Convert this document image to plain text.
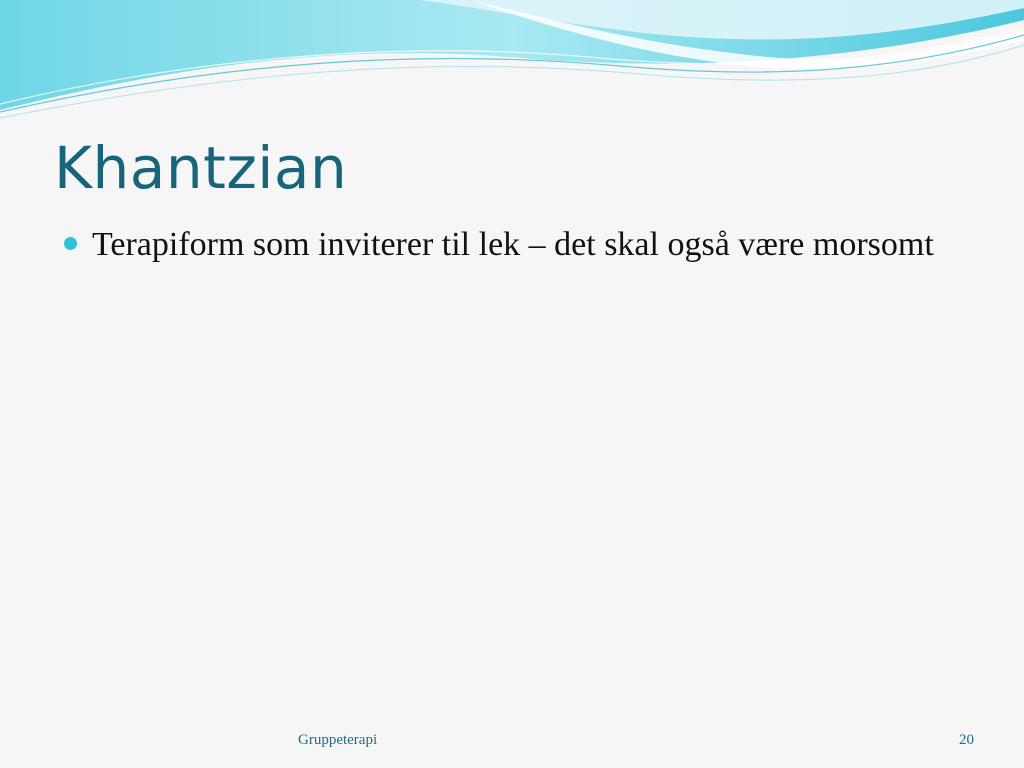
Khantzian
Terapiform som inviterer til lek – det skal også være morsomt
Gruppeterapi	20
